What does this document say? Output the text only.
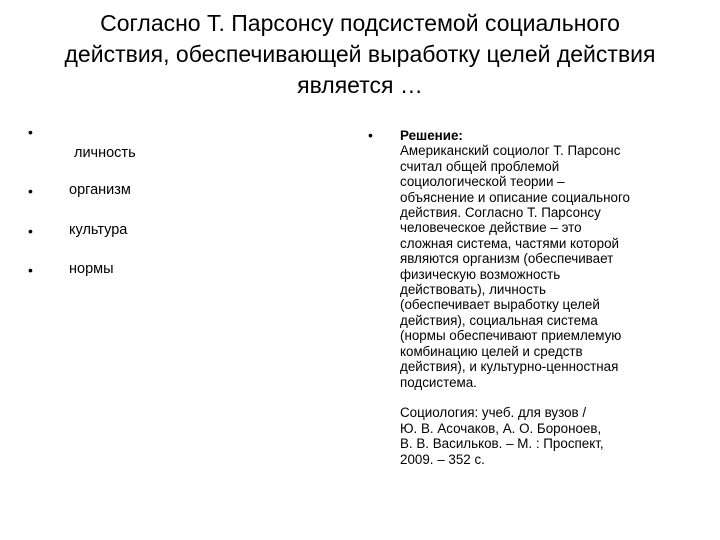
Согласно Т. Парсонсу подсистемой социального
действия, обеспечивающей выработку целей действия
является …
•
личность
• организм
• культура
• нормы
• Решение:
Американский социолог Т. Парсонс
считал общей проблемой
социологической теории –
объяснение и описание социального
действия. Согласно Т. Парсонсу
человеческое действие – это
сложная система, частями которой
являются организм (обеспечивает
физическую возможность
действовать), личность
(обеспечивает выработку целей
действия), социальная система
(нормы обеспечивают приемлемую
комбинацию целей и средств
действия), и культурно-ценностная
подсистема.
Социология: учеб. для вузов /
Ю. В. Асочаков, А. О. Бороноев,
В. В. Васильков. – М. : Проспект,
2009. – 352 с.
